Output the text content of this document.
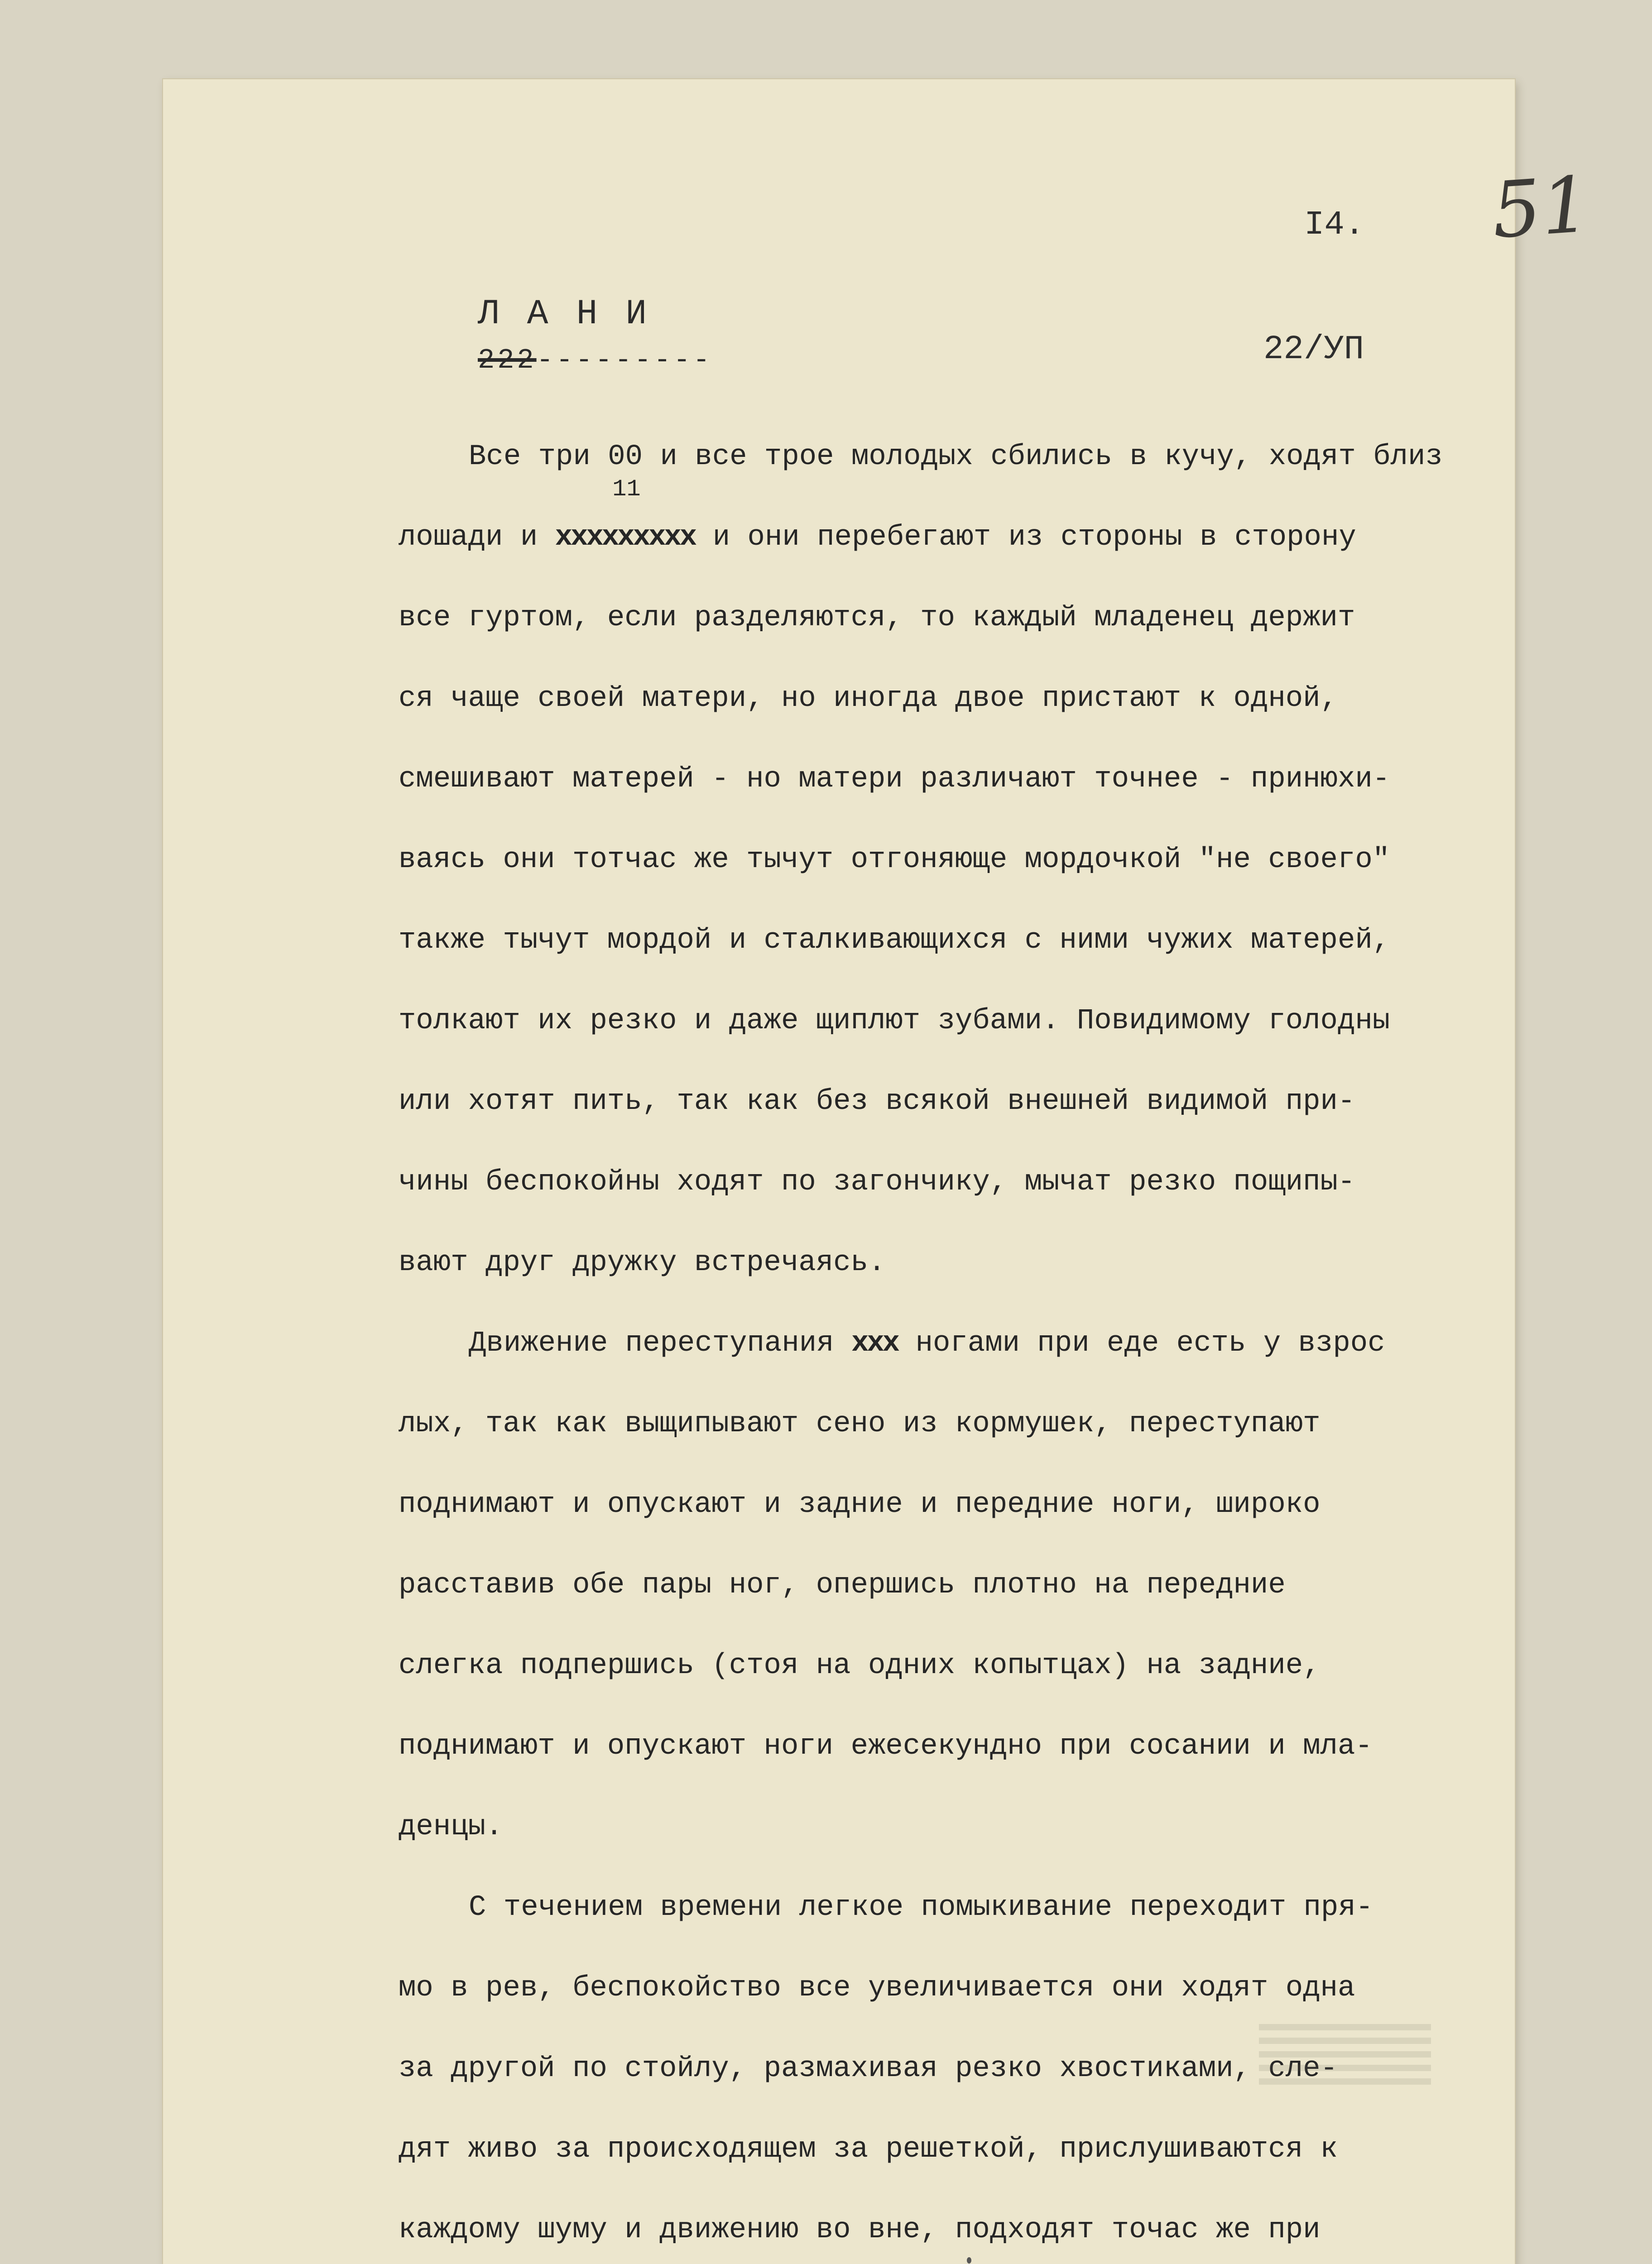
51
I4.
ЛАНИ
222---------	22/УП
Все три 00
11
и все трое молодых сбились в кучу, ходят близ
лошади и ххххххххх и они перебегают из стороны в сторону
все гуртом, если разделяются, то каждый младенец держит
ся чаще своей матери, но иногда двое пристают к одной,
смешивают матерей - но матери различают точнее - принюхи-
ваясь они тотчас же тычут отгоняюще мордочкой "не своего"
также тычут мордой и сталкивающихся с ними чужих матерей,
толкают их резко и даже щиплют зубами. Повидимому голодны
или хотят пить, так как без всякой внешней видимой при-
чины беспокойны ходят по загончику, мычат резко пощипы-
вают друг дружку встречаясь.
Движение переступания ххх ногами при еде есть у взрос
лых, так как выщипывают сено из кормушек, переступают
поднимают и опускают и задние и передние ноги, широко
расставив обе пары ног, опершись плотно на передние
слегка подпершись (стоя на одних копытцах) на задние,
поднимают и опускают ноги ежесекундно при сосании и мла-
денцы.
С течением времени легкое помыкивание переходит пря-
мо в рев, беспокойство все увеличивается они ходят одна
за другой по стойлу, размахивая резко хвостиками, сле-
дят живо за происходящем за решеткой, прислушиваются к
каждому шуму и движению во вне, подходят точас же при
